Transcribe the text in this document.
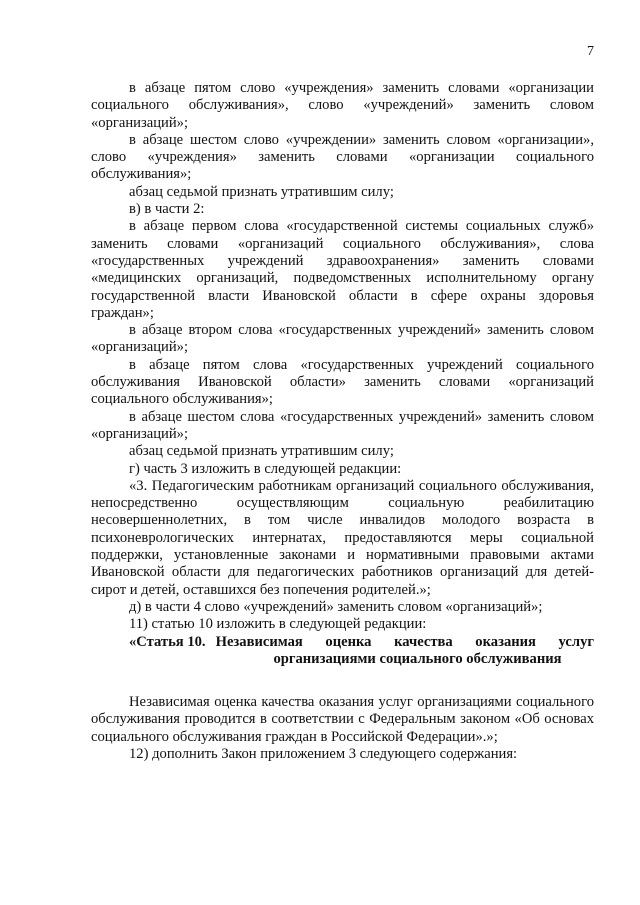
7

в абзаце пятом слово «учреждения» заменить словами «организации социального обслуживания», слово «учреждений» заменить словом «организаций»;

в абзаце шестом слово «учреждении» заменить словом «организации», слово «учреждения» заменить словами «организации социального обслуживания»;

абзац седьмой признать утратившим силу;

в) в части 2:

в абзаце первом слова «государственной системы социальных служб» заменить словами «организаций социального обслуживания», слова «государственных учреждений здравоохранения» заменить словами «медицинских организаций, подведомственных исполнительному органу государственной власти Ивановской области в сфере охраны здоровья граждан»;

в абзаце втором слова «государственных учреждений» заменить словом «организаций»;

в абзаце пятом слова «государственных учреждений социального обслуживания Ивановской области» заменить словами «организаций социального обслуживания»;

в абзаце шестом слова «государственных учреждений» заменить словом «организаций»;

абзац седьмой признать утратившим силу;

г) часть 3 изложить в следующей редакции:

«3. Педагогическим работникам организаций социального обслуживания, непосредственно осуществляющим социальную реабилитацию несовершеннолетних, в том числе инвалидов молодого возраста в психоневрологических интернатах, предоставляются меры социальной поддержки, установленные законами и нормативными правовыми актами Ивановской области для педагогических работников организаций для детей-сирот и детей, оставшихся без попечения родителей.»;

д) в части 4 слово «учреждений» заменить словом «организаций»;

11) статью 10 изложить в следующей редакции:

«Статья 10. Независимая оценка качества оказания услуг
организациями социального обслуживания

Независимая оценка качества оказания услуг организациями социального обслуживания проводится в соответствии с Федеральным законом «Об основах социального обслуживания граждан в Российской Федерации».»;

12) дополнить Закон приложением 3 следующего содержания:
